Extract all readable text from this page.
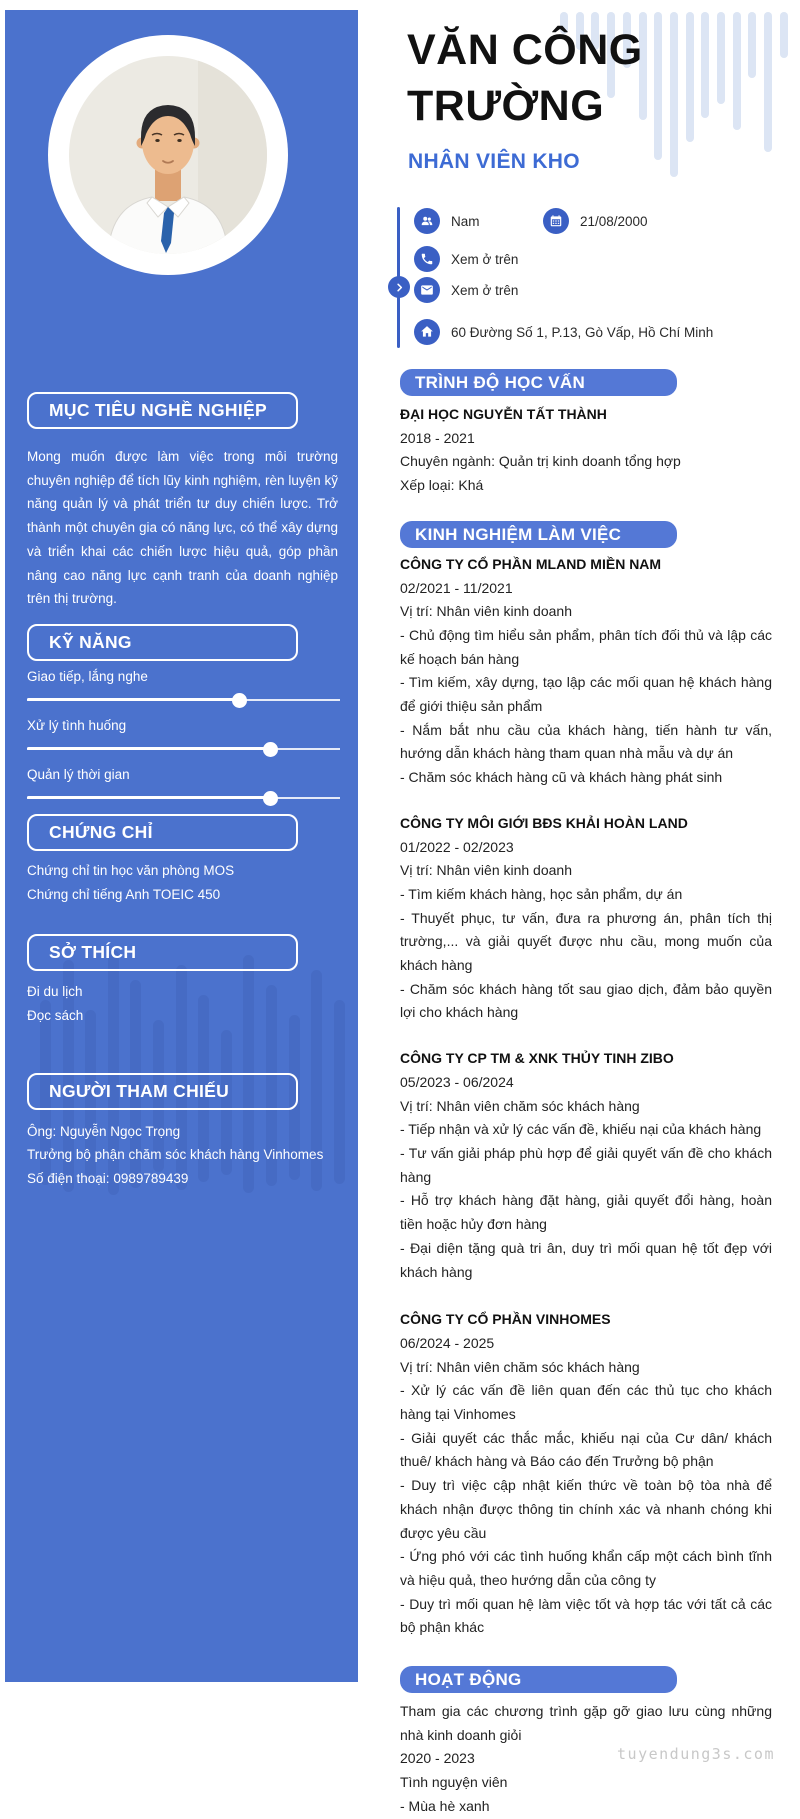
MỤC TIÊU NGHỀ NGHIỆP
Mong muốn được làm việc trong môi trường chuyên nghiệp để tích lũy kinh nghiệm, rèn luyện kỹ năng quản lý và phát triển tư duy chiến lược. Trở thành một chuyên gia có năng lực, có thể xây dựng và triển khai các chiến lược hiệu quả, góp phần nâng cao năng lực cạnh tranh của doanh nghiệp trên thị trường.
KỸ NĂNG
Giao tiếp, lắng nghe
Xử lý tình huống
Quản lý thời gian
CHỨNG CHỈ
Chứng chỉ tin học văn phòng MOS
Chứng chỉ tiếng Anh TOEIC 450
SỞ THÍCH
Đi du lịch
Đọc sách
NGƯỜI THAM CHIẾU
Ông: Nguyễn Ngọc Trọng
Trưởng bộ phận chăm sóc khách hàng Vinhomes
Số điện thoại: 0989789439
VĂN CÔNG TRƯỜNG
NHÂN VIÊN KHO
Nam	21/08/2000
Xem ở trên
Xem ở trên
60 Đường Số 1, P.13, Gò Vấp, Hồ Chí Minh
TRÌNH ĐỘ HỌC VẤN
ĐẠI HỌC NGUYỄN TẤT THÀNH
2018 - 2021
Chuyên ngành: Quản trị kinh doanh tổng hợp
Xếp loại: Khá
KINH NGHIỆM LÀM VIỆC
CÔNG TY CỔ PHẦN MLAND MIỀN NAM
02/2021 - 11/2021
Vị trí: Nhân viên kinh doanh
- Chủ động tìm hiểu sản phẩm, phân tích đối thủ và lập các kế hoạch bán hàng
- Tìm kiếm, xây dựng, tạo lập các mối quan hệ khách hàng để giới thiệu sản phẩm
- Nắm bắt nhu cầu của khách hàng, tiến hành tư vấn, hướng dẫn khách hàng tham quan nhà mẫu và dự án
- Chăm sóc khách hàng cũ và khách hàng phát sinh
CÔNG TY MÔI GIỚI BĐS KHẢI HOÀN LAND
01/2022 - 02/2023
Vị trí: Nhân viên kinh doanh
- Tìm kiếm khách hàng, học sản phẩm, dự án
- Thuyết phục, tư vấn, đưa ra phương án, phân tích thị trường,... và giải quyết được nhu cầu, mong muốn của khách hàng
- Chăm sóc khách hàng tốt sau giao dịch, đảm bảo quyền lợi cho khách hàng
CÔNG TY CP TM & XNK THỦY TINH ZIBO
05/2023 - 06/2024
Vị trí: Nhân viên chăm sóc khách hàng
- Tiếp nhận và xử lý các vấn đề, khiếu nại của khách hàng
- Tư vấn giải pháp phù hợp để giải quyết vấn đề cho khách hàng
- Hỗ trợ khách hàng đặt hàng, giải quyết đổi hàng, hoàn tiền hoặc hủy đơn hàng
- Đại diện tặng quà tri ân, duy trì mối quan hệ tốt đẹp với khách hàng
CÔNG TY CỔ PHẦN VINHOMES
06/2024 - 2025
Vị trí: Nhân viên chăm sóc khách hàng
- Xử lý các vấn đề liên quan đến các thủ tục cho khách hàng tại Vinhomes
- Giải quyết các thắc mắc, khiếu nại của Cư dân/ khách thuê/ khách hàng và Báo cáo đến Trưởng bộ phận
- Duy trì việc cập nhật kiến thức về toàn bộ tòa nhà để khách nhận được thông tin chính xác và nhanh chóng khi được yêu cầu
- Ứng phó với các tình huống khẩn cấp một cách bình tĩnh và hiệu quả, theo hướng dẫn của công ty
- Duy trì mối quan hệ làm việc tốt và hợp tác với tất cả các bộ phận khác
HOẠT ĐỘNG
Tham gia các chương trình gặp gỡ giao lưu cùng những nhà kinh doanh giỏi
2020 - 2023
Tình nguyện viên
- Mùa hè xanh
tuyendung3s.com
